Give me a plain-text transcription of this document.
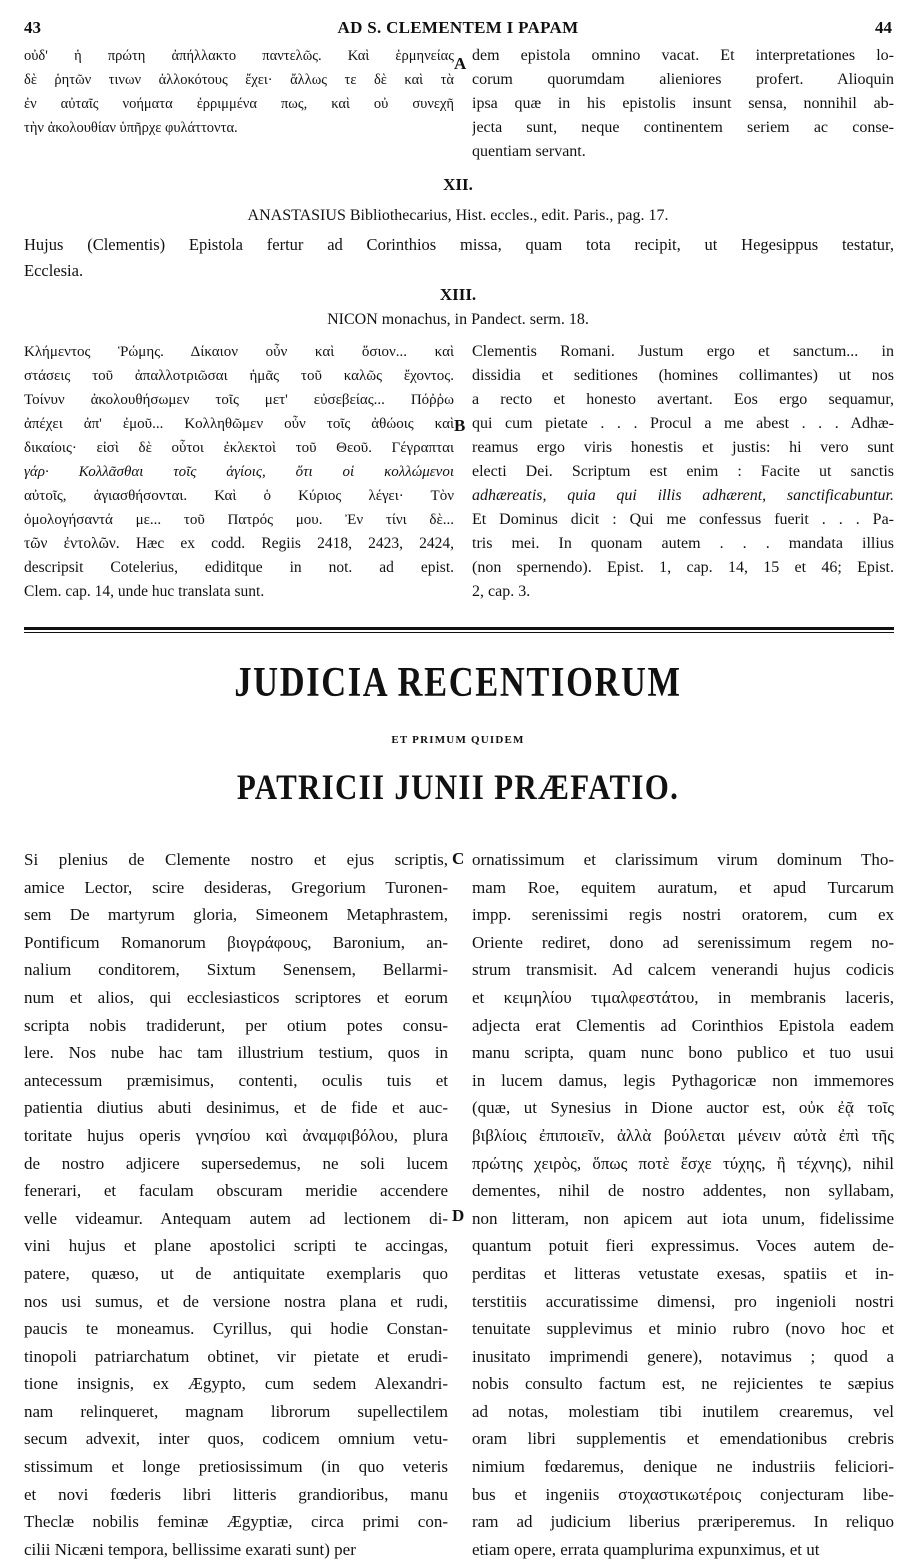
43	AD S. CLEMENTEM I PAPAM	44
οὐδ' ἡ πρώτη ἀπήλλακτο παντελῶς. Καὶ ἑρμηνείας
δὲ ῥητῶν τινων ἀλλοκότους ἔχει· ἄλλως τε δὲ καὶ τὰ
ἐν αὐταῖς νοήματα ἐρριμμένα πως, καὶ οὐ συνεχῆ
τὴν ἀκολουθίαν ὑπῆρχε φυλάττοντα.
A dem epistola omnino vacat. Et interpretationes lo-
corum quorumdam alieniores profert. Alioquin
ipsa quæ in his epistolis insunt sensa, nonnihil ab-
jecta sunt, neque continentem seriem ac conse-
quentiam servant.
XII.
ANASTASIUS Bibliothecarius, Hist. eccles., edit. Paris., pag. 17.
Hujus (Clementis) Epistola fertur ad Corinthios missa, quam tota recipit, ut Hegesippus testatur,
Ecclesia.
XIII.
NICON monachus, in Pandect. serm. 18.
Κλήμεντος Ῥώμης. Δίκαιον οὖν καὶ ὅσιον... καὶ
στάσεις τοῦ ἀπαλλοτριῶσαι ἡμᾶς τοῦ καλῶς ἔχοντος.
Τοίνυν ἀκολουθήσωμεν τοῖς μετ' εὐσεβείας... Πόῤῥω
ἀπέχει ἀπ' ἐμοῦ... Κολληθῶμεν οὖν τοῖς ἀθώοις καὶ
δικαίοις· εἰσὶ δὲ οὗτοι ἐκλεκτοὶ τοῦ Θεοῦ. Γέγραπται
γάρ· Κολλᾶσθαι τοῖς ἁγίοις, ὅτι οἱ κολλώμενοι
αὐτοῖς, ἁγιασθήσονται. Καὶ ὁ Κύριος λέγει· Τὸν
ὁμολογήσαντά με... τοῦ Πατρός μου. Ἐν τίνι δὲ...
τῶν ἐντολῶν. Hæc ex codd. Regiis 2418, 2423, 2424,
descripsit Cotelerius, ediditque in not. ad epist.
Clem. cap. 14, unde huc translata sunt.
B
Clementis Romani. Justum ergo et sanctum... in
dissidia et seditiones (homines collimantes) ut nos
a recto et honesto avertant. Eos ergo sequamur,
qui cum pietate . . . Procul a me abest . . . Adhæ-
reamus ergo viris honestis et justis: hi vero sunt
electi Dei. Scriptum est enim : Facite ut sanctis
adhæreatis, quia qui illis adhærent, sanctificabuntur.
Et Dominus dicit : Qui me confessus fuerit . . . Pa-
tris mei. In quonam autem . . . mandata illius
(non spernendo). Epist. 1, cap. 14, 15 et 46; Epist.
2, cap. 3.
JUDICIA RECENTIORUM
ET PRIMUM QUIDEM
PATRICII JUNII PRÆFATIO.
Si plenius de Clemente nostro et ejus scriptis,
amice Lector, scire desideras, Gregorium Turonen-
sem De martyrum gloria, Simeonem Metaphrastem,
Pontificum Romanorum βιογράφους, Baronium, an-
nalium conditorem, Sixtum Senensem, Bellarmi-
num et alios, qui ecclesiasticos scriptores et eorum
scripta nobis tradiderunt, per otium potes consu-
lere. Nos nube hac tam illustrium testium, quos in
antecessum præmisimus, contenti, oculis tuis et
patientia diutius abuti desinimus, et de fide et auc-
toritate hujus operis γνησίου καὶ ἀναμφιβόλου, plura
de nostro adjicere supersedemus, ne soli lucem
fenerari, et faculam obscuram meridie accendere
velle videamur. Antequam autem ad lectionem di-
vini hujus et plane apostolici scripti te accingas,
patere, quæso, ut de antiquitate exemplaris quo
nos usi sumus, et de versione nostra plana et rudi,
paucis te moneamus. Cyrillus, qui hodie Constan-
tinopoli patriarchatum obtinet, vir pietate et erudi-
tione insignis, ex Ægypto, cum sedem Alexandri-
nam relinqueret, magnam librorum supellectilem
secum advexit, inter quos, codicem omnium vetu-
stissimum et longe pretiosissimum (in quo veteris
et novi fœderis libri litteris grandioribus, manu
Theclæ nobilis feminæ Ægyptiæ, circa primi con-
cilii Nicæni tempora, bellissime exarati sunt) per
C
D
ornatissimum et clarissimum virum dominum Tho-
mam Roe, equitem auratum, et apud Turcarum
impp. serenissimi regis nostri oratorem, cum ex
Oriente rediret, dono ad serenissimum regem no-
strum transmisit. Ad calcem venerandi hujus codicis
et κειμηλίου τιμαλφεστάτου, in membranis laceris,
adjecta erat Clementis ad Corinthios Epistola eadem
manu scripta, quam nunc bono publico et tuo usui
in lucem damus, legis Pythagoricæ non immemores
(quæ, ut Synesius in Dione auctor est, οὐκ ἐᾷ τοῖς
βιβλίοις ἐπιποιεῖν, ἀλλὰ βούλεται μένειν αὐτὰ ἐπὶ τῆς
πρώτης χειρὸς, ὅπως ποτὲ ἔσχε τύχης, ἢ τέχνης), nihil
dementes, nihil de nostro addentes, non syllabam,
non litteram, non apicem aut iota unum, fidelissime
quantum potuit fieri expressimus. Voces autem de-
perditas et litteras vetustate exesas, spatiis et in-
terstitiis accuratissime dimensi, pro ingenioli nostri
tenuitate supplevimus et minio rubro (novo hoc et
inusitato imprimendi genere), notavimus ; quod a
nobis consulto factum est, ne rejicientes te sæpius
ad notas, molestiam tibi inutilem crearemus, vel
oram libri supplementis et emendationibus crebris
nimium fœdaremus, denique ne industriis feliciori-
bus et ingeniis στοχαστικωτέροις conjecturam libe-
ram ad judicium liberius præriperemus. In reliquo
etiam opere, errata quamplurima expunximus, et ut
